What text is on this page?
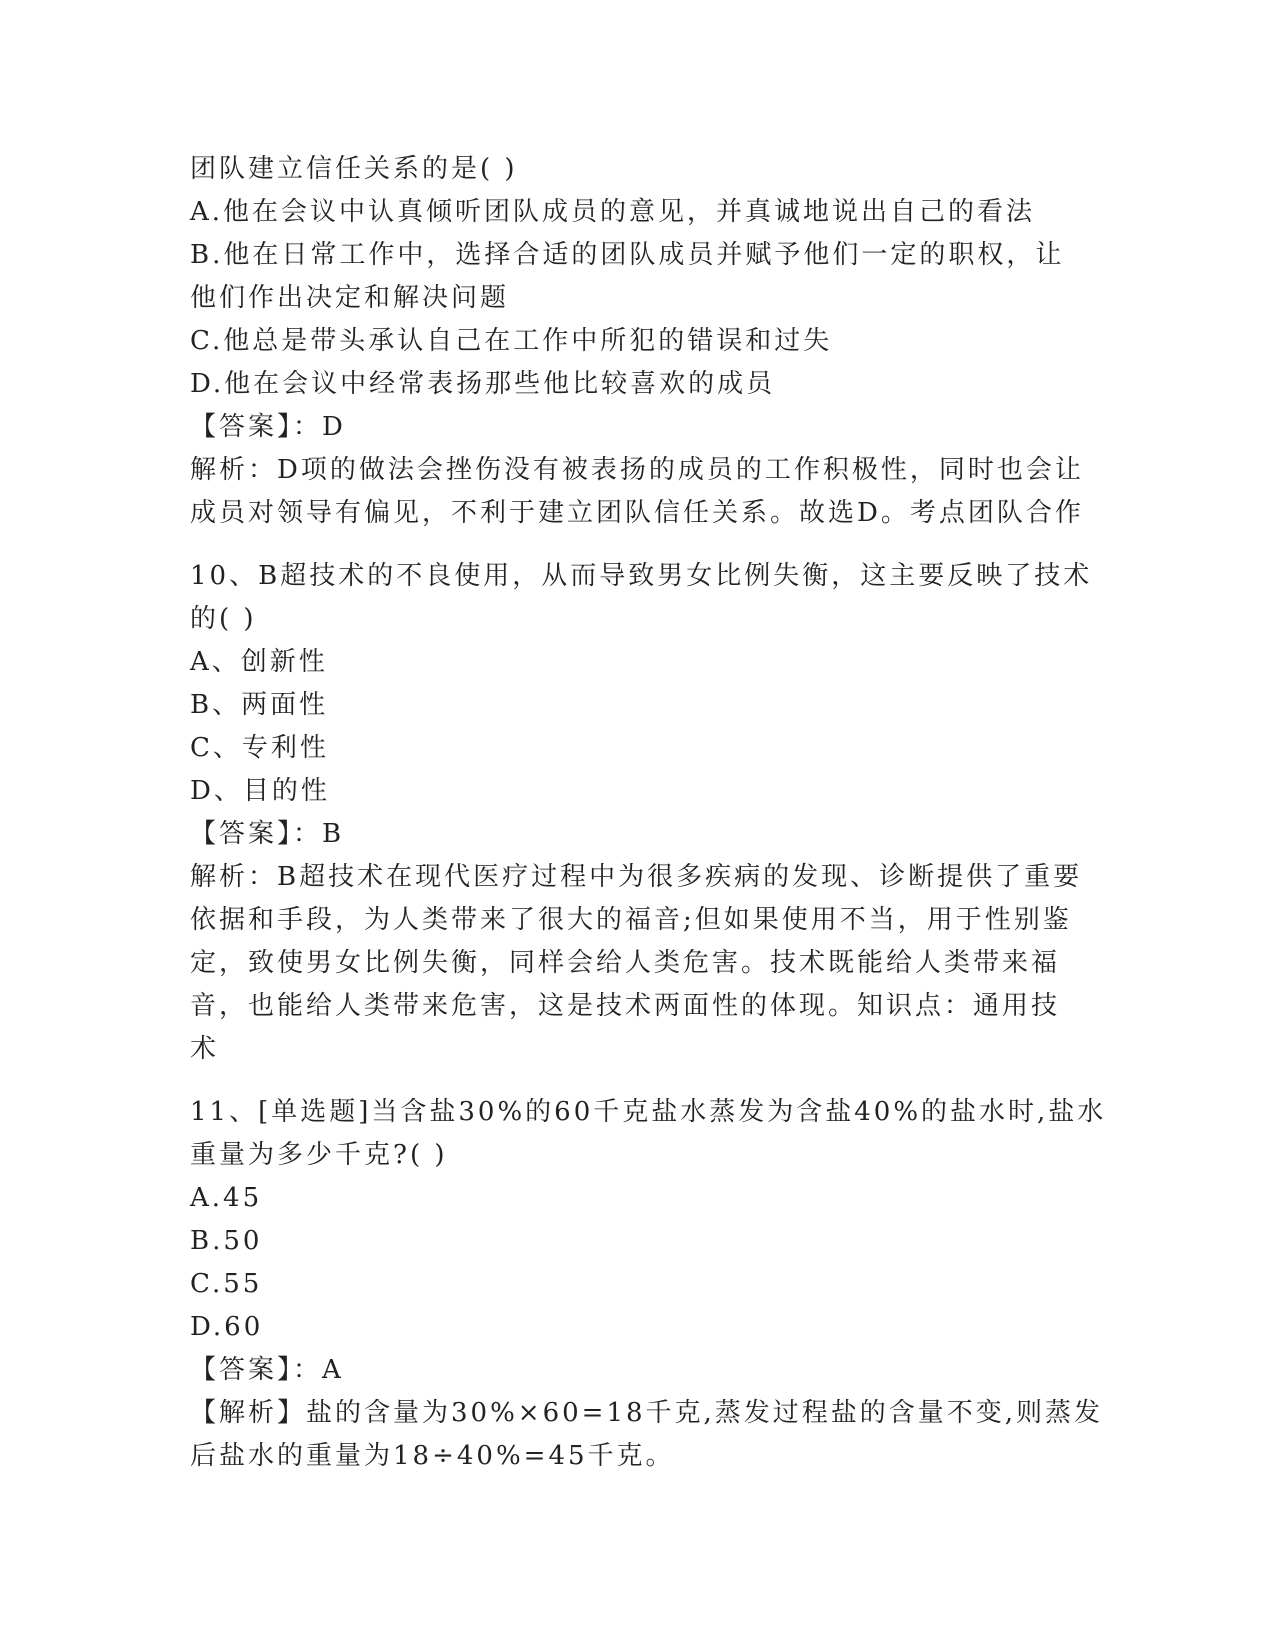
团队建立信任关系的是( )
A.他在会议中认真倾听团队成员的意见，并真诚地说出自己的看法
B.他在日常工作中，选择合适的团队成员并赋予他们一定的职权，让
他们作出决定和解决问题
C.他总是带头承认自己在工作中所犯的错误和过失
D.他在会议中经常表扬那些他比较喜欢的成员
【答案】：D
解析：D项的做法会挫伤没有被表扬的成员的工作积极性，同时也会让
成员对领导有偏见，不利于建立团队信任关系。故选D。考点团队合作
10、B超技术的不良使用，从而导致男女比例失衡，这主要反映了技术
的( )
A、创新性
B、两面性
C、专利性
D、目的性
【答案】：B
解析：B超技术在现代医疗过程中为很多疾病的发现、诊断提供了重要
依据和手段，为人类带来了很大的福音;但如果使用不当，用于性别鉴
定，致使男女比例失衡，同样会给人类危害。技术既能给人类带来福
音，也能给人类带来危害，这是技术两面性的体现。知识点：通用技
术
11、[单选题]当含盐30%的60千克盐水蒸发为含盐40%的盐水时,盐水
重量为多少千克?( )
A.45
B.50
C.55
D.60
【答案】：A
【解析】盐的含量为30%×60=18千克,蒸发过程盐的含量不变,则蒸发
后盐水的重量为18÷40%=45千克。
